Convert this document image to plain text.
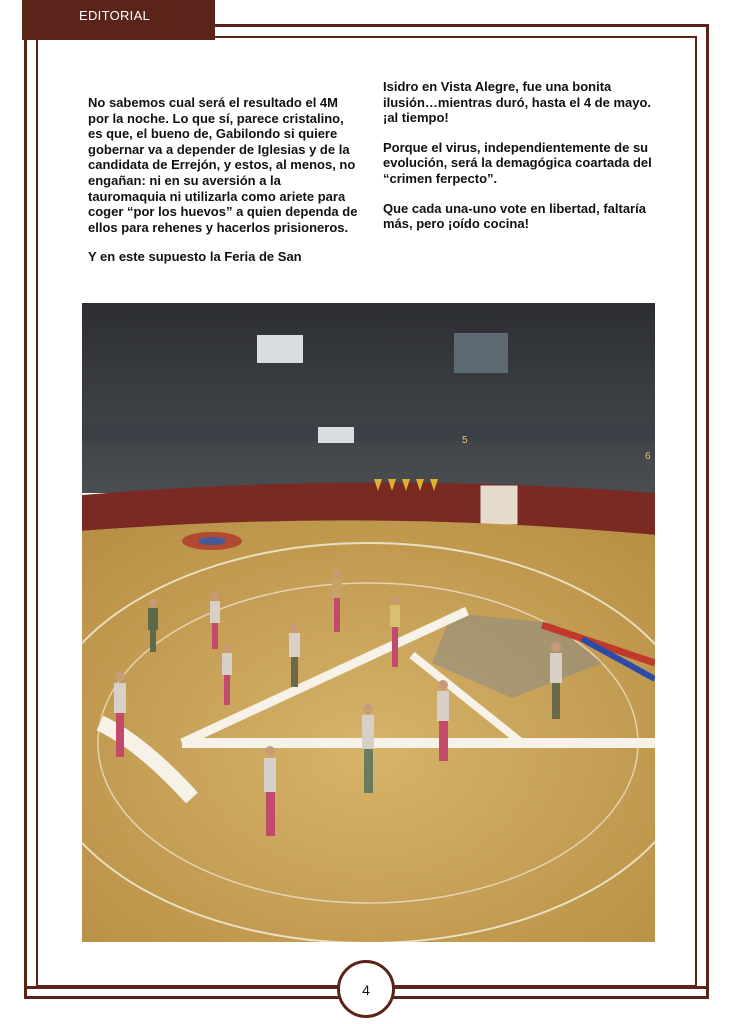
EDITORIAL

No sabemos cual será el resultado el 4M por la noche. Lo que sí, parece cristalino, es que, el bueno de, Gabilondo si quiere gobernar va a depender de Iglesias y de la candidata de Errejón, y estos, al menos, no engañan: ni en su aversión a la tauromaquia ni utilizarla como ariete para coger “por los huevos” a quien dependa de ellos para rehenes y hacerlos prisioneros.

Y en este supuesto la Feria de San

Isidro en Vista Alegre, fue una bonita ilusión…mientras duró, hasta el 4 de mayo. ¡al tiempo!

Porque el virus, independientemente de su evolución, será la demagógica coartada del “crimen ferpecto”.

Que cada una-uno vote en libertad, faltaría más, pero ¡oído cocina!

5
6
4
